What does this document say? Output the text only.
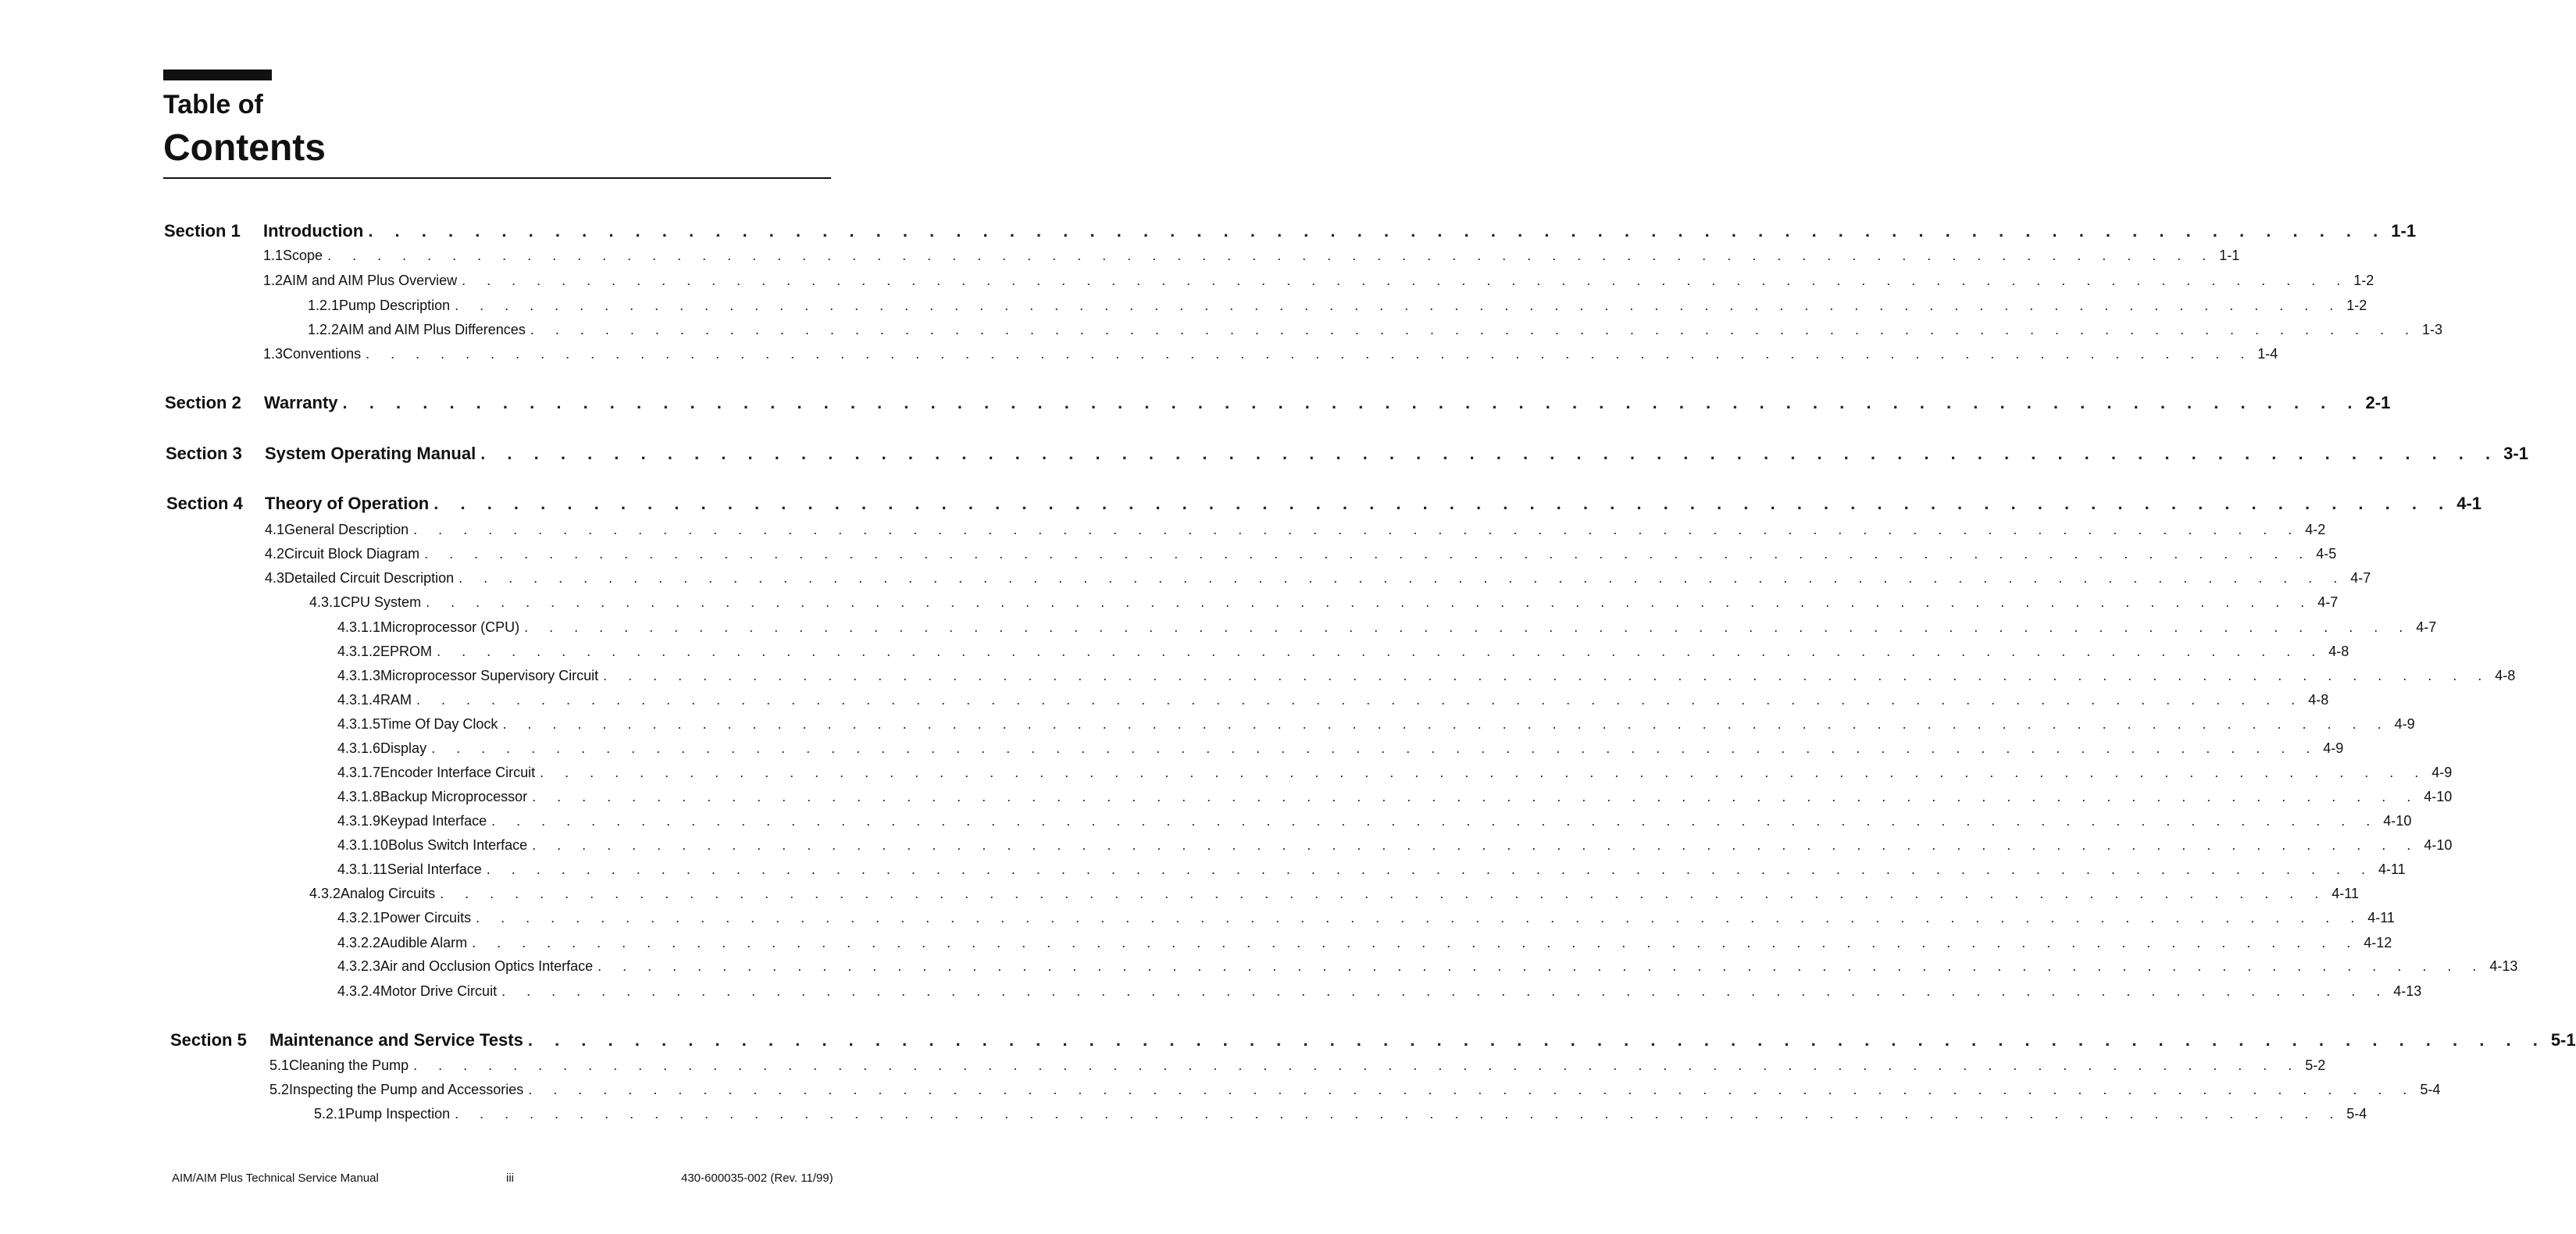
Table of
Contents
Section 1 Introduction . . . . . . . . . . . . . . . . . . . . . . . . . . . . . . . . . . . . . . . . . . . . . . . . . . . . . . . . . . . . . . . . . . . . . . . . . . . . 1-1
1.1 Scope . . . . . . . . . . . . . . . . . . . . . . . . . . . . . . . . . . . . . . . . . . . . . . . . . . . . . . . . . . . . . . . . . . . . . . . . . . . . 1-1
1.2 AIM and AIM Plus Overview . . . . . . . . . . . . . . . . . . . . . . . . . . . . . . . . . . . . . . . . . . . . . . . . . . . . . . . . . . . . . . . . . . . . . . . . . . . . 1-2
1.2.1 Pump Description . . . . . . . . . . . . . . . . . . . . . . . . . . . . . . . . . . . . . . . . . . . . . . . . . . . . . . . . . . . . . . . . . . . . . . . . . . . . 1-2
1.2.2 AIM and AIM Plus Differences . . . . . . . . . . . . . . . . . . . . . . . . . . . . . . . . . . . . . . . . . . . . . . . . . . . . . . . . . . . . . . . . . . . . . . . . . . . . 1-3
1.3 Conventions . . . . . . . . . . . . . . . . . . . . . . . . . . . . . . . . . . . . . . . . . . . . . . . . . . . . . . . . . . . . . . . . . . . . . . . . . . . . 1-4
Section 2 Warranty . . . . . . . . . . . . . . . . . . . . . . . . . . . . . . . . . . . . . . . . . . . . . . . . . . . . . . . . . . . . . . . . . . . . . . . . . . . . 2-1
Section 3 System Operating Manual . . . . . . . . . . . . . . . . . . . . . . . . . . . . . . . . . . . . . . . . . . . . . . . . . . . . . . . . . . . . . . . . . . . . . . . . . . . . 3-1
Section 4 Theory of Operation . . . . . . . . . . . . . . . . . . . . . . . . . . . . . . . . . . . . . . . . . . . . . . . . . . . . . . . . . . . . . . . . . . . . . . . . . . . . 4-1
4.1 General Description . . . . . . . . . . . . . . . . . . . . . . . . . . . . . . . . . . . . . . . . . . . . . . . . . . . . . . . . . . . . . . . . . . . . . . . . . . . . 4-2
4.2 Circuit Block Diagram . . . . . . . . . . . . . . . . . . . . . . . . . . . . . . . . . . . . . . . . . . . . . . . . . . . . . . . . . . . . . . . . . . . . . . . . . . . . 4-5
4.3 Detailed Circuit Description . . . . . . . . . . . . . . . . . . . . . . . . . . . . . . . . . . . . . . . . . . . . . . . . . . . . . . . . . . . . . . . . . . . . . . . . . . . . 4-7
4.3.1 CPU System . . . . . . . . . . . . . . . . . . . . . . . . . . . . . . . . . . . . . . . . . . . . . . . . . . . . . . . . . . . . . . . . . . . . . . . . . . . . 4-7
4.3.1.1 Microprocessor (CPU) . . . . . . . . . . . . . . . . . . . . . . . . . . . . . . . . . . . . . . . . . . . . . . . . . . . . . . . . . . . . . . . . . . . . . . . . . . . . 4-7
4.3.1.2 EPROM . . . . . . . . . . . . . . . . . . . . . . . . . . . . . . . . . . . . . . . . . . . . . . . . . . . . . . . . . . . . . . . . . . . . . . . . . . . . 4-8
4.3.1.3 Microprocessor Supervisory Circuit . . . . . . . . . . . . . . . . . . . . . . . . . . . . . . . . . . . . . . . . . . . . . . . . . . . . . . . . . . . . . . . . . . . . . . . . . . . . 4-8
4.3.1.4 RAM . . . . . . . . . . . . . . . . . . . . . . . . . . . . . . . . . . . . . . . . . . . . . . . . . . . . . . . . . . . . . . . . . . . . . . . . . . . . 4-8
4.3.1.5 Time Of Day Clock . . . . . . . . . . . . . . . . . . . . . . . . . . . . . . . . . . . . . . . . . . . . . . . . . . . . . . . . . . . . . . . . . . . . . . . . . . . . 4-9
4.3.1.6 Display . . . . . . . . . . . . . . . . . . . . . . . . . . . . . . . . . . . . . . . . . . . . . . . . . . . . . . . . . . . . . . . . . . . . . . . . . . . . 4-9
4.3.1.7 Encoder Interface Circuit . . . . . . . . . . . . . . . . . . . . . . . . . . . . . . . . . . . . . . . . . . . . . . . . . . . . . . . . . . . . . . . . . . . . . . . . . . . . 4-9
4.3.1.8 Backup Microprocessor . . . . . . . . . . . . . . . . . . . . . . . . . . . . . . . . . . . . . . . . . . . . . . . . . . . . . . . . . . . . . . . . . . . . . . . . . . . . 4-10
4.3.1.9 Keypad Interface . . . . . . . . . . . . . . . . . . . . . . . . . . . . . . . . . . . . . . . . . . . . . . . . . . . . . . . . . . . . . . . . . . . . . . . . . . . . 4-10
4.3.1.10 Bolus Switch Interface . . . . . . . . . . . . . . . . . . . . . . . . . . . . . . . . . . . . . . . . . . . . . . . . . . . . . . . . . . . . . . . . . . . . . . . . . . . . 4-10
4.3.1.11 Serial Interface . . . . . . . . . . . . . . . . . . . . . . . . . . . . . . . . . . . . . . . . . . . . . . . . . . . . . . . . . . . . . . . . . . . . . . . . . . . . 4-11
4.3.2 Analog Circuits . . . . . . . . . . . . . . . . . . . . . . . . . . . . . . . . . . . . . . . . . . . . . . . . . . . . . . . . . . . . . . . . . . . . . . . . . . . . 4-11
4.3.2.1 Power Circuits . . . . . . . . . . . . . . . . . . . . . . . . . . . . . . . . . . . . . . . . . . . . . . . . . . . . . . . . . . . . . . . . . . . . . . . . . . . . 4-11
4.3.2.2 Audible Alarm . . . . . . . . . . . . . . . . . . . . . . . . . . . . . . . . . . . . . . . . . . . . . . . . . . . . . . . . . . . . . . . . . . . . . . . . . . . . 4-12
4.3.2.3 Air and Occlusion Optics Interface . . . . . . . . . . . . . . . . . . . . . . . . . . . . . . . . . . . . . . . . . . . . . . . . . . . . . . . . . . . . . . . . . . . . . . . . . . . . 4-13
4.3.2.4 Motor Drive Circuit . . . . . . . . . . . . . . . . . . . . . . . . . . . . . . . . . . . . . . . . . . . . . . . . . . . . . . . . . . . . . . . . . . . . . . . . . . . . 4-13
Section 5 Maintenance and Service Tests . . . . . . . . . . . . . . . . . . . . . . . . . . . . . . . . . . . . . . . . . . . . . . . . . . . . . . . . . . . . . . . . . . . . . . . . . . . . 5-1
5.1 Cleaning the Pump . . . . . . . . . . . . . . . . . . . . . . . . . . . . . . . . . . . . . . . . . . . . . . . . . . . . . . . . . . . . . . . . . . . . . . . . . . . . 5-2
5.2 Inspecting the Pump and Accessories . . . . . . . . . . . . . . . . . . . . . . . . . . . . . . . . . . . . . . . . . . . . . . . . . . . . . . . . . . . . . . . . . . . . . . . . . . . . 5-4
5.2.1 Pump Inspection . . . . . . . . . . . . . . . . . . . . . . . . . . . . . . . . . . . . . . . . . . . . . . . . . . . . . . . . . . . . . . . . . . . . . . . . . . . . 5-4
AIM/AIM Plus Technical Service Manual	iii	430-600035-002 (Rev. 11/99)
